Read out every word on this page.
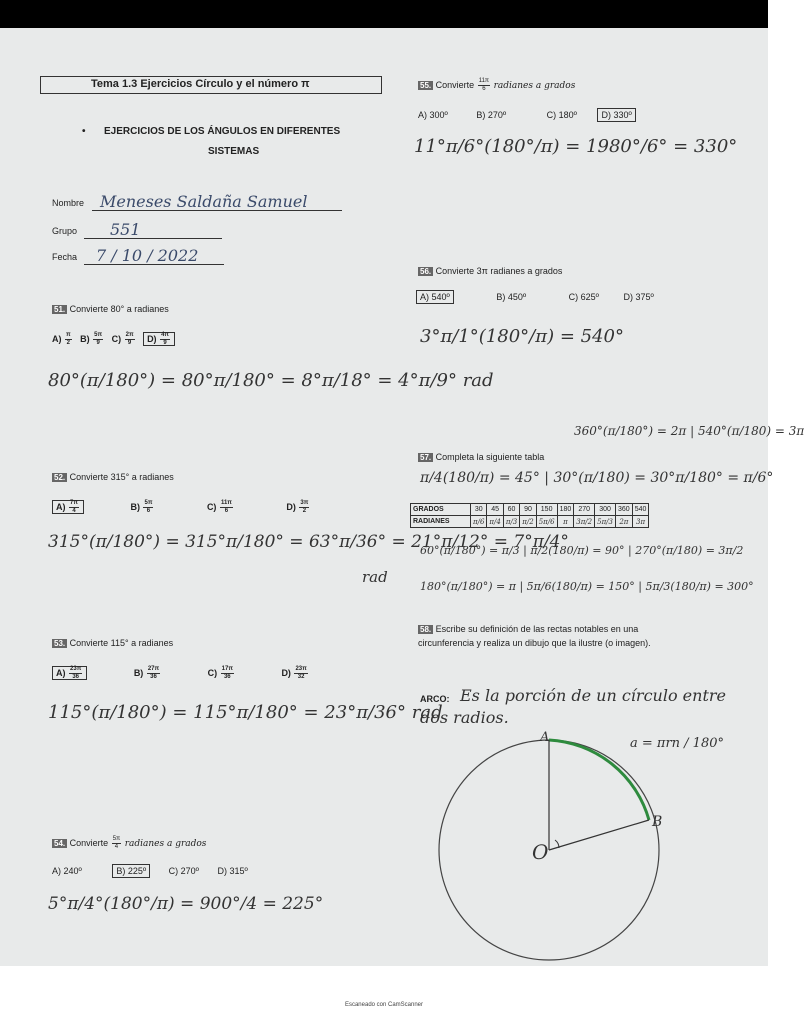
Tema 1.3 Ejercicios Círculo y el número π
• EJERCICIOS DE LOS ÁNGULOS EN DIFERENTES
SISTEMAS
Nombre Meneses Saldaña Samuel
Grupo 551
Fecha 7 / 10 / 2022
51. Convierte 80° a radianes
$A) \frac{\pi}{2} B) \frac{5\pi}{9} C) \frac{2\pi}{9} D) \frac{4\pi}{9}$
80°(π/180°) = 80°π/180° = 8°π/18° = 4°π/9° rad
52. Convierte 315° a radianes
$A) \frac{7\pi}{4}$	$B) \frac{5\pi}{6}$	$C) \frac{11\pi}{6}$	$D) \frac{3\pi}{2}$
315°(π/180°) = 315°π/180° = 63°π/36° = 21°π/12° = 7°π/4°
rad
53. Convierte 115° a radianes
$A) \frac{23\pi}{36}$	$B) \frac{27\pi}{36}$	$C) \frac{17\pi}{36}$	$D) \frac{23\pi}{32}$
115°(π/180°) = 115°π/180° = 23°π/36° rad
54. Convierte $\frac{5\pi}{4}$ radianes a grados
A) 240º	B) 225º	C) 270º D) 315º
5°π/4°(180°/π) = 900°/4 = 225°
55. Convierte $\frac{11\pi}{6}$ radianes a grados
A) 300º	B) 270º	C) 180º	D) 330º
11°π/6°(180°/π) = 1980°/6° = 330°
56. Convierte 3π radianes a grados
A) 540º	B) 450º	C) 625º	D) 375º
3°π/1°(180°/π) = 540°
360°(π/180°) = 2π | 540°(π/180) = 3π
57. Completa la siguiente tabla
π/4(180/π) = 45° | 30°(π/180) = 30°π/180° = π/6°
GRADOS	30	45	60	90	150	180	270	300	360	540
RADIANES	π/6	π/4	π/3	π/2	5π/6	π	3π/2	5π/3	2π	3π
60°(π/180°) = π/3 | π/2(180/π) = 90° | 270°(π/180) = 3π/2
180°(π/180°) = π | 5π/6(180/π) = 150° | 5π/3(180/π) = 300°
58. Escribe su definición de las rectas notables en una
circunferencia y realiza un dibujo que la ilustre (o imagen).
ARCO: Es la porción de un círculo entre
dos radios.
a = πrn / 180°
A
B
O
Escaneado con CamScanner
